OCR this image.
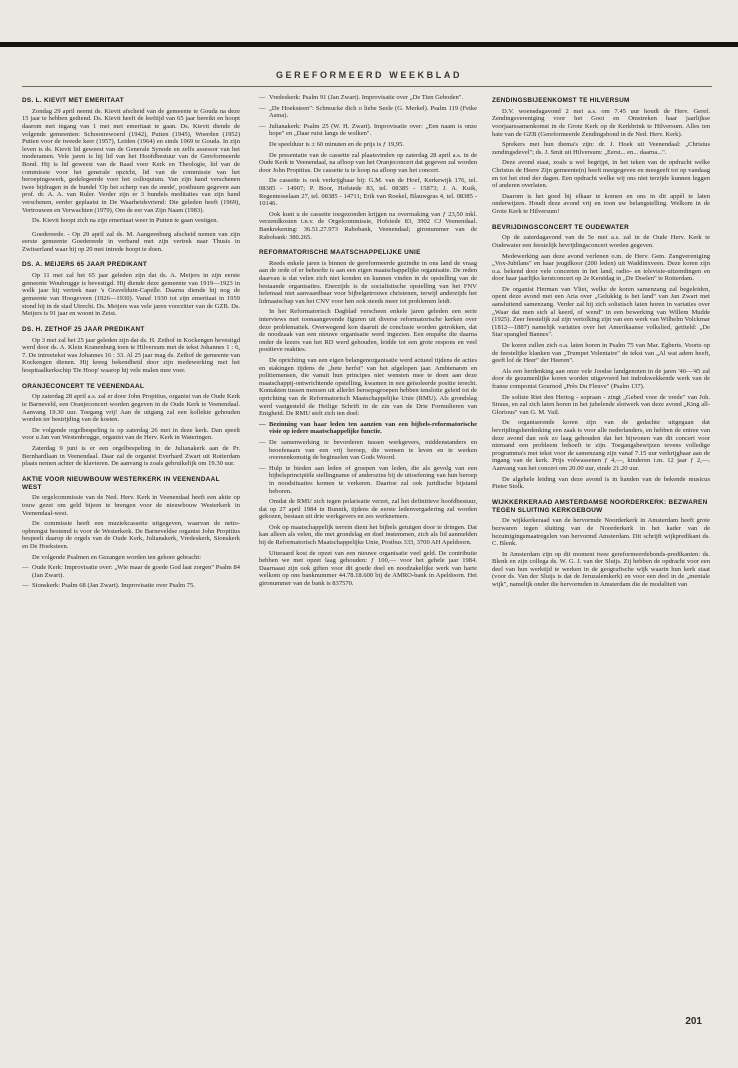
GEREFORMEERD WEEKBLAD
DS. L. KIEVIT MET EMERITAAT

Zondag 29 april neemt ds. Kievit afscheid van de gemeente te Gouda na deze 15 jaar te hebben gediend. Ds. Kievit heeft de leeftijd van 65 jaar bereikt en hoopt daarom met ingang van 1 mei met emeritaat te gaan. Ds. Kievit diende de volgende gemeenten: Schoonrewoerd (1942), Putten (1945), Woerden (1952) Putten voor de tweede keer (1957), Leiden (1964) en sinds 1969 te Gouda. In zijn leven is ds. Kievit lid geweest van de Generale Synode en zelfs assessor van het moderamen. Vele jaren is hij lid van het Hoofdbestuur van de Gereformeerde Bond. Hij is lid geweest van de Raad voor Kerk en Theologie, lid van de commissie voor het generale opzicht, lid van de commissie van het beroepingswerk, gedelegeerde voor het colloquium. Van zijn hand verschenen twee bijdragen in de bundel 'Op het scherp van de snede', posthuum gegeven aan prof. dr. A. A. van Ruler. Verder zijn er 3 bundels meditaties van zijn hand verschenen, eerder geplaatst in De Waarheidsvriend: Die geleden heeft (1969), Vertrouwen en Verwachten (1979), Om de eer van Zijn Naam (1983).

Ds. Kievit hoopt zich na zijn emeritaat weer in Putten te gaan vestigen.

Goedereede. - Op 29 april zal ds. M. Aangeenburg afscheid nemen van zijn eerste gemeente Goedereede in verband met zijn vertrek naar Thusis in Zwitserland waar hij op 20 mei intrede hoopt te doen.

DS. A. MEIJERS 65 JAAR PREDIKANT

Op 11 mei zal het 65 jaar geleden zijn dat ds. A. Meijers in zijn eerste gemeente Woubrugge is bevestigd. Hij diende deze gemeente van 1919—1923 in welk jaar hij vertrek naar 's Gravelduin-Capelle. Daarna diende hij nog de gemeente van Hoogeveen (1926—1930). Vanaf 1930 tot zijn emeritaat in 1959 stond hij in de stad Utrecht. Ds. Meijers was vele jaren voorzitter van de GZB. Ds. Meijers is 91 jaar en woont in Zeist.

DS. H. ZETHOF 25 JAAR PREDIKANT

Op 3 mei zal het 25 jaar geleden zijn dat ds. H. Zethof in Kockengen bevestigd werd door ds. A. Klein Kranenburg toen te Hilversum met de tekst Johannes 1 : 6, 7. De intreetekst was Johannes 16 : 33. Al 25 jaar mag ds. Zethof de gemeente van Kockengen dienen. Hij kreeg bekendheid door zijn medewerking met het hospitaalkerkschip 'De Hoop' waarop hij vele malen mee voer.

ORANJECONCERT TE VEENENDAAL

Op zaterdag 28 april a.s. zal er door John Propitius, organist van de Oude Kerk te Barneveld, een Oranjeconcert worden gegeven in de Oude Kerk te Veenendaal. Aanvang 19.30 uur. Toegang vrij! Aan de uitgang zal een kollekte gehouden worden ter bestrijding van de kosten.

De volgende orgelbespeling is op zaterdag 26 mei in deze kerk. Dan speelt voor u Jan van Westenbrugge, organist van de Herv. Kerk in Wateringen.

Zaterdag 9 juni is er een orgelbespeling in de Julianakerk aan de Pr. Bernhardlaan in Veenendaal. Daar zal de organist Everhard Zwart uit Rotterdam plaats nemen achter de klavieren. De aanvang is zoals gebruikelijk om 19.30 uur.

AKTIE VOOR NIEUWBOUW WESTERKERK IN VEENENDAAL WEST

De orgelcommissie van de Ned. Herv. Kerk in Veenendaal heeft een aktie op touw gezet om geld bijeen te brengen voor de nieuwbouw Westerkerk in Veenendaal-west.

De commissie heeft een muziekcassette uitgegeven, waarvan de netto-opbrengst bestemd is voor de Westerkerk. De Barneveldse organist John Propitius bespeelt daarop de orgels van de Oude Kerk, Julianakerk, Vredeskerk, Sionskerk en De Hoeksteen.

De volgende Psalmen en Gezangen worden ten gehore gebracht:

— Oude Kerk: Improvisatie over: „Wie maar de goede God laat zorgen" Psalm 84 (Jan Zwart).
— Sionskerk: Psalm 68 (Jan Zwart). Improvisatie over Psalm 75.
— Vredeskerk: Psalm 91 (Jan Zwart). Improvisatie over „De Tien Geboden".
— „De Hoeksteen": Schmucke dich o liebe Seele (G. Merkel). Psalm 119 (Feike Asma).
— Julianakerk: Psalm 25 (W. H. Zwart). Improvisatie over: „Een naam is onze hope" en „Daar ruist langs de wolken".

De speelduur is ± 60 minuten en de prijs is ƒ 19,95.

De presentatie van de cassette zal plaatsvinden op zaterdag 28 april a.s. in de Oude Kerk te Veenendaal, na afloop van het Oranjeconcert dat gegeven zal worden door John Propitius. De cassette is te koop na afloop van het concert.

De cassette is ook verkrijgbaar bij: G.M. van de Hoef, Kerkewijk 176, tel. 08385 - 14907; P. Boor, Hofstede 83, tel. 08385 - 15873; J. A. Kuik, Regentesselaan 27, tel. 08385 - 14711; Erik van Roekel, Blauwgras 4, tel. 08385 - 10146.

Ook kunt u de cassette toegezonden krijgen na overmaking van ƒ 23,50 inkl. verzendkosten t.n.v. de Orgelcommissie, Hofstede 83, 3902 CJ Veenendaal. Bankrekening: 36.51.27.973 Rabobank, Veenendaal; gironummer van de Rabobank: 380.265.

REFORMATORISCHE MAATSCHAPPELIJKE UNIE

Reeds enkele jaren is binnen de gereformeerde gezindte in ons land de vraag aan de orde of er behoefte is aan een eigen maatschappelijke organisatie. De reden daarvan is dat velen zich niet konden en kunnen vinden in de opstelling van de bestaande organisaties. Enerzijds is de socialistische opstelling van het FNV helemaal niet aanvaardbaar voor bijbelgetrouwe christenen, terwijl anderzijds het lidmaatschap van het CNV voor hen ook steeds meer tot problemen leidt.

In het Reformatorisch Dagblad verscheen enkele jaren geleden een serie interviews met toonaangevende figuren uit diverse reformatorische kerken over deze problematiek. Overwegend kon daaruit de conclusie worden getrokken, dat de noodzaak van een nieuwe organisatie werd ingezien. Een enquête die daarna onder de lezers van het RD werd gehouden, leidde tot een grote respons en veel positieve reakties.

De oprichting van een eigen belangenorganisatie werd actueel tijdens de acties en stakingen tijdens de „hete herfst" van het afgelopen jaar. Ambtenaren en politiemensen, die vanuit hun principes niet wensten mee te doen aan deze maatschappij-ontwrichtende opstelling, kwamen in een geïsoleerde positie terecht. Kontakten tussen mensen uit allerlei beroepsgroepen hebben tenslotte geleid tot de oprichting van de Reformatorisch Maatschappelijke Unie (RMU). Als grondslag werd vastgesteld de Heilige Schrift in de zin van de Drie Formulieren van Enigheid. De RMU stelt zich ten doel:

— Bezinning van haar leden ten aanzien van een bijbels-reformatorische visie op iedere maatschappelijke functie.
— De samenwerking te bevorderen tussen werkgevers, middenstanders en beoefenaars van een vrij beroep, die wensen te leven en te werken overeenkomstig de beginselen van Gods Woord.
— Hulp te bieden aan leden of groepen van leden, die als gevolg van een bijbelsprincipiële stellingname of anderszins bij de uitoefening van hun beroep in noodsituaties komen te verkeren. Daartoe zal ook juridische bijstand beboren.

Omdat de RMU zich tegen polarisatie verzet, zal het definitieve hoofdbestuur, dat op 27 april 1984 in Bunnik, tijdens de eerste ledenvergadering zal worden gekozen, bestaan uit drie werkgevers en zes werknemers.

Ook op maatschappelijk terrein dient het bijbels getuigen door te dringen. Dat kan alleen als velen, die met grondslag en doel instemmen, zich als lid aanmelden bij de Reformatorisch Maatschappelijke Unie, Postbus 333, 3700 AH Apeldoorn.

Uiteraard kost de opzet van een nieuwe organisatie veel geld. De contributie hebben we met opzet laag gehouden: ƒ 100,— voor het gehele jaar 1984. Daarnaast zijn ook giften voor dit goede doel en noodzakelijke werk van harte welkom op ons banknummer 44.78.18.600 bij de AMRO-bank in Apeldoorn. Het gironummer van de bank is 837570.

ZENDINGSBIJEENKOMST TE HILVERSUM

D.V. woensdagavond 2 mei a.s. om 7.45 uur houdt de Herv. Geref. Zendingsvereniging voor het Gooi en Omstreken haar jaarlijkse voorjaarssamenkomst in de Grote Kerk op de Kerkbrink te Hilversum. Alles ten bate van de GZB (Gereformeerde Zendingsbond in de Ned. Herv. Kerk).

Sprekers met hun thema's zijn: dr. J. Hoek uit Veenendaal: „Christus zendingsdevel"; ds. J. Smit uit Hilversum: „Eerst... en... daarna...".

Deze avond staat, zoals u wel begrijpt, in het teken van de opdracht welke Christus de Heere Zijn gemeente(n) heeft meegegeven en meegeeft tot op vandaag en tot het eind der dagen. Een opdracht welke wij ons niet terzijde kunnen leggen of anderen overlaten.

Daarom is het goed bij elkaar te komen en ons in dit appèl te laten onderwijzen. Houdt deze avond vrij en toon uw belangstelling. Welkom in de Grote Kerk te Hilversum!

BEVRIJDINGSCONCERT TE OUDEWATER

Op de zaterdagavond van de 5e mei a.s. zal in de Oude Herv. Kerk te Oudewater een feestelijk bevrijdingsconcert worden gegeven.

Medewerking aan deze avond verlenen o.m. de Herv. Gem. Zangvereniging „Vox-Jubilans" en haar jeugdkoor (200 leden) uit Waddinxveen. Deze koren zijn o.a. bekend door vele concerten in het land, radio- en televisie-uitzendingen en door haar jaarlijks kerstconcert op 2e Kerstdag in „De Doelen" te Rotterdam.

De organist Herman van Vliet, welke de koren samenzang zal begeleiden, opent deze avond met een Aria over „Gelukkig is het land" van Jan Zwart met aansluitend samenzang. Verder zal hij zich solistisch laten horen in variaties over „Waar dat men sich al keerd, of wend" in een bewerking van Willem Mudde (1925). Zeer feestelijk zal zijn vertolking zijn van een werk van Wilhelm Volckmar (1812—1887) namelijk variaties over het Amerikaanse volkslied, getiteld: „De Star spangled Bannes".

De koren zullen zich o.a. laten horen in Psalm 75 van Mar. Egberts. Voorts op de feestelijke klanken van „Trumpet Volentaire" de tekst van „Al wat adem heeft, geeft lof de Heer" der Heeren".

Als een herdenking aan onze vele Joodse landgenoten in de jaren '40—'45 zal door de gezamenlijke koren worden uitgevoerd het indrukwekkende werk van de franse componist Gournod „Près Du Fleuve" (Psalm 137).

De soliste Riet den Hertog - sopraan - zingt „Gebed voor de vrede" van Joh. Straus, en zal zich laten horen in het jubelende slotwerk van deze avond „King all-Glorious" van G. M. Vail.

De organiserende koren zijn van de gedachte uitgegaan dat bevrijdingsherdenking een zaak is voor alle nederlanders, en hebben de entree van deze avond dan ook zo laag gehouden dat het bijwonen van dit concert voor niemand een probleem behoeft te zijn. Toegangsbewijzen tevens volledige programma's met tekst voor de samenzang zijn vanaf 7.15 uur verkrijgbaar aan de ingang van de kerk. Prijs volwassenen ƒ 4,—, kinderen t.m. 12 jaar ƒ 2,—. Aanvang van het concert om 20.00 uur, einde 21.20 uur.

De algehele leiding van deze avond is in handen van de bekende musicus Pieter Stolk.

WIJKKERKERAAD AMSTERDAMSE NOORDERKERK: BEZWAREN TEGEN SLUITING KERKGEBOUW

De wijkkerkeraad van de hervormde Noorderkerk in Amsterdam heeft grote bezwaren tegen sluiting van de Noorderkerk in het kader van de bezuinigingsmaatregelen van hervormd Amsterdam. Dit schrijft wijkpredikant ds. C. Blenk.

In Amsterdam zijn op dit moment twee gereformeerdebonds-predikanten: ds. Blenk en zijn collega ds. W. G. J. van der Sluijs. Zij hebben de opdracht voor een deel van hun werktijd te werken in de geografische wijk waarin hun kerk staat (voor ds. Van der Sluijs is dat de Jeruzalemkerk) en voor een deel in de „mentale wijk", namelijk onder die hervormden in Amsterdam die de modaliteit van

201
